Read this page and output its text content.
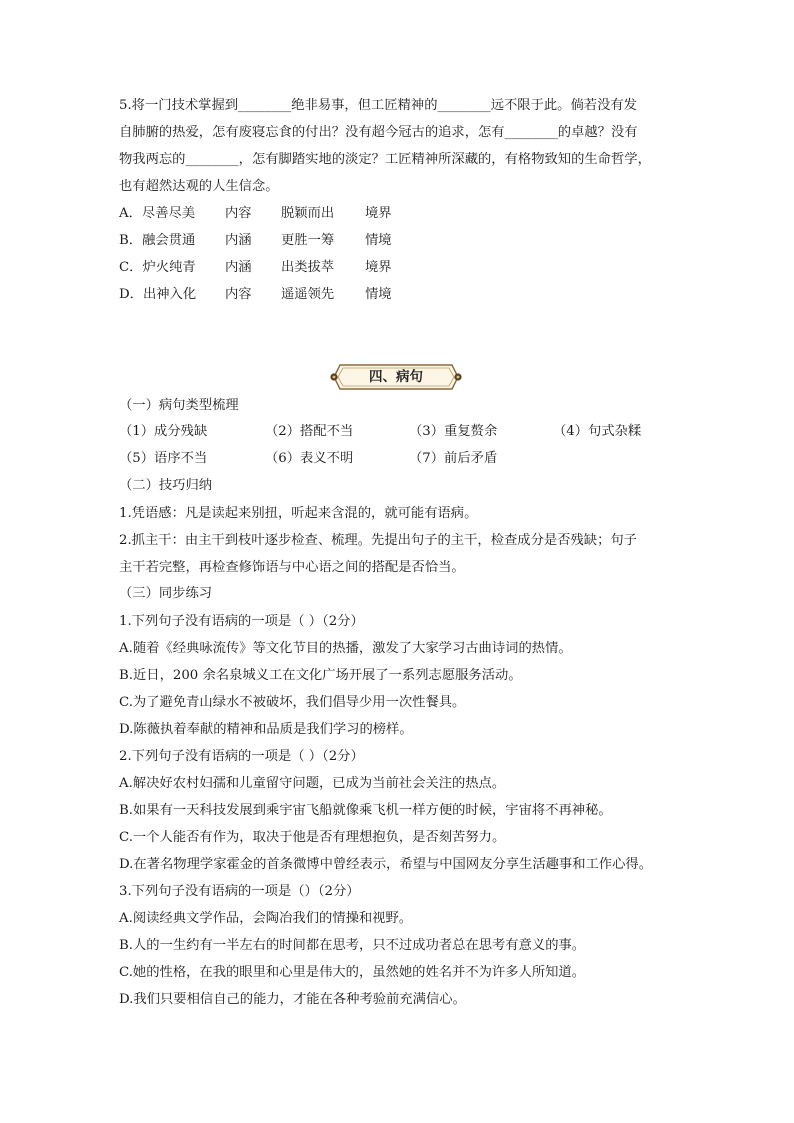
5.将一门技术掌握到________绝非易事，但工匠精神的________远不限于此。倘若没有发
自肺腑的热爱，怎有废寝忘食的付出？没有超今冠古的追求，怎有________的卓越？没有
物我两忘的________，怎有脚踏实地的淡定？工匠精神所深藏的，有格物致知的生命哲学，
也有超然达观的人生信念。
A．尽善尽美 内容 脱颖而出 境界
B．融会贯通 内涵 更胜一筹 情境
C．炉火纯青 内涵 出类拔萃 境界
D．出神入化 内容 遥遥领先 情境
四、病句
（一）病句类型梳理
（1）成分残缺	（2）搭配不当	（3）重复赘余	（4）句式杂糅
（5）语序不当	（6）表义不明	（7）前后矛盾
（二）技巧归纳
1.凭语感：凡是读起来别扭，听起来含混的，就可能有语病。
2.抓主干：由主干到枝叶逐步检查、梳理。先提出句子的主干，检查成分是否残缺；句子
主干若完整，再检查修饰语与中心语之间的搭配是否恰当。
（三）同步练习
1.下列句子没有语病的一项是（ ）（2分）
A.随着《经典咏流传》等文化节目的热播，激发了大家学习古曲诗词的热情。
B.近日，200 余名泉城义工在文化广场开展了一系列志愿服务活动。
C.为了避免青山绿水不被破坏，我们倡导少用一次性餐具。
D.陈薇执着奉献的精神和品质是我们学习的榜样。
2.下列句子没有语病的一项是（ ）（2分）
A.解决好农村妇孺和儿童留守问题，已成为当前社会关注的热点。
B.如果有一天科技发展到乘宇宙飞船就像乘飞机一样方便的时候，宇宙将不再神秘。
C.一个人能否有作为，取决于他是否有理想抱负，是否刻苦努力。
D.在著名物理学家霍金的首条微博中曾经表示，希望与中国网友分享生活趣事和工作心得。
3.下列句子没有语病的一项是（）（2分）
A.阅读经典文学作品，会陶冶我们的情操和视野。
B.人的一生约有一半左右的时间都在思考，只不过成功者总在思考有意义的事。
C.她的性格，在我的眼里和心里是伟大的，虽然她的姓名并不为许多人所知道。
D.我们只要相信自己的能力，才能在各种考验前充满信心。
